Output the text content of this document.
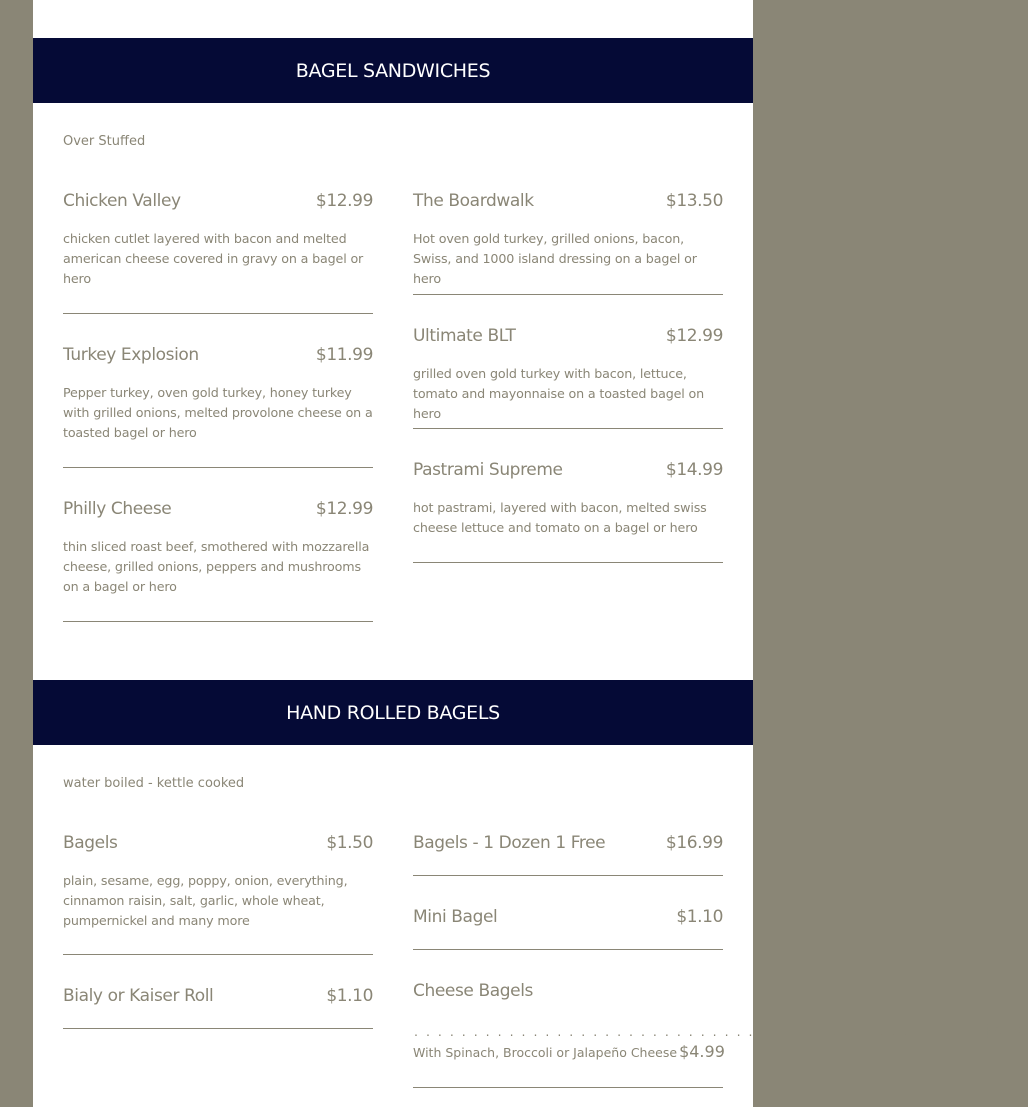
BAGEL SANDWICHES
Over Stuffed
Chicken Valley	$12.99
chicken cutlet layered with bacon and melted american cheese covered in gravy on a bagel or hero
Turkey Explosion	$11.99
Pepper turkey, oven gold turkey, honey turkey with grilled onions, melted provolone cheese on a toasted bagel or hero
Philly Cheese	$12.99
thin sliced roast beef, smothered with mozzarella cheese, grilled onions, peppers and mushrooms on a bagel or hero
The Boardwalk	$13.50
Hot oven gold turkey, grilled onions, bacon, Swiss, and 1000 island dressing on a bagel or hero
Ultimate BLT	$12.99
grilled oven gold turkey with bacon, lettuce, tomato and mayonnaise on a toasted bagel on hero
Pastrami Supreme	$14.99
hot pastrami, layered with bacon, melted swiss cheese lettuce and tomato on a bagel or hero
HAND ROLLED BAGELS
water boiled - kettle cooked
Bagels	$1.50
plain, sesame, egg, poppy, onion, everything, cinnamon raisin, salt, garlic, whole wheat, pumpernickel and many more
Bialy or Kaiser Roll	$1.10
Bagels - 1 Dozen 1 Free	$16.99
Mini Bagel	$1.10
Cheese Bagels
. . . . . . . . . . . . . . . . . . . . . . . . . . . . . . . . . . . . . . . . . . . . . . . . $4.50
With Spinach, Broccoli or Jalapeño Cheese $4.99
